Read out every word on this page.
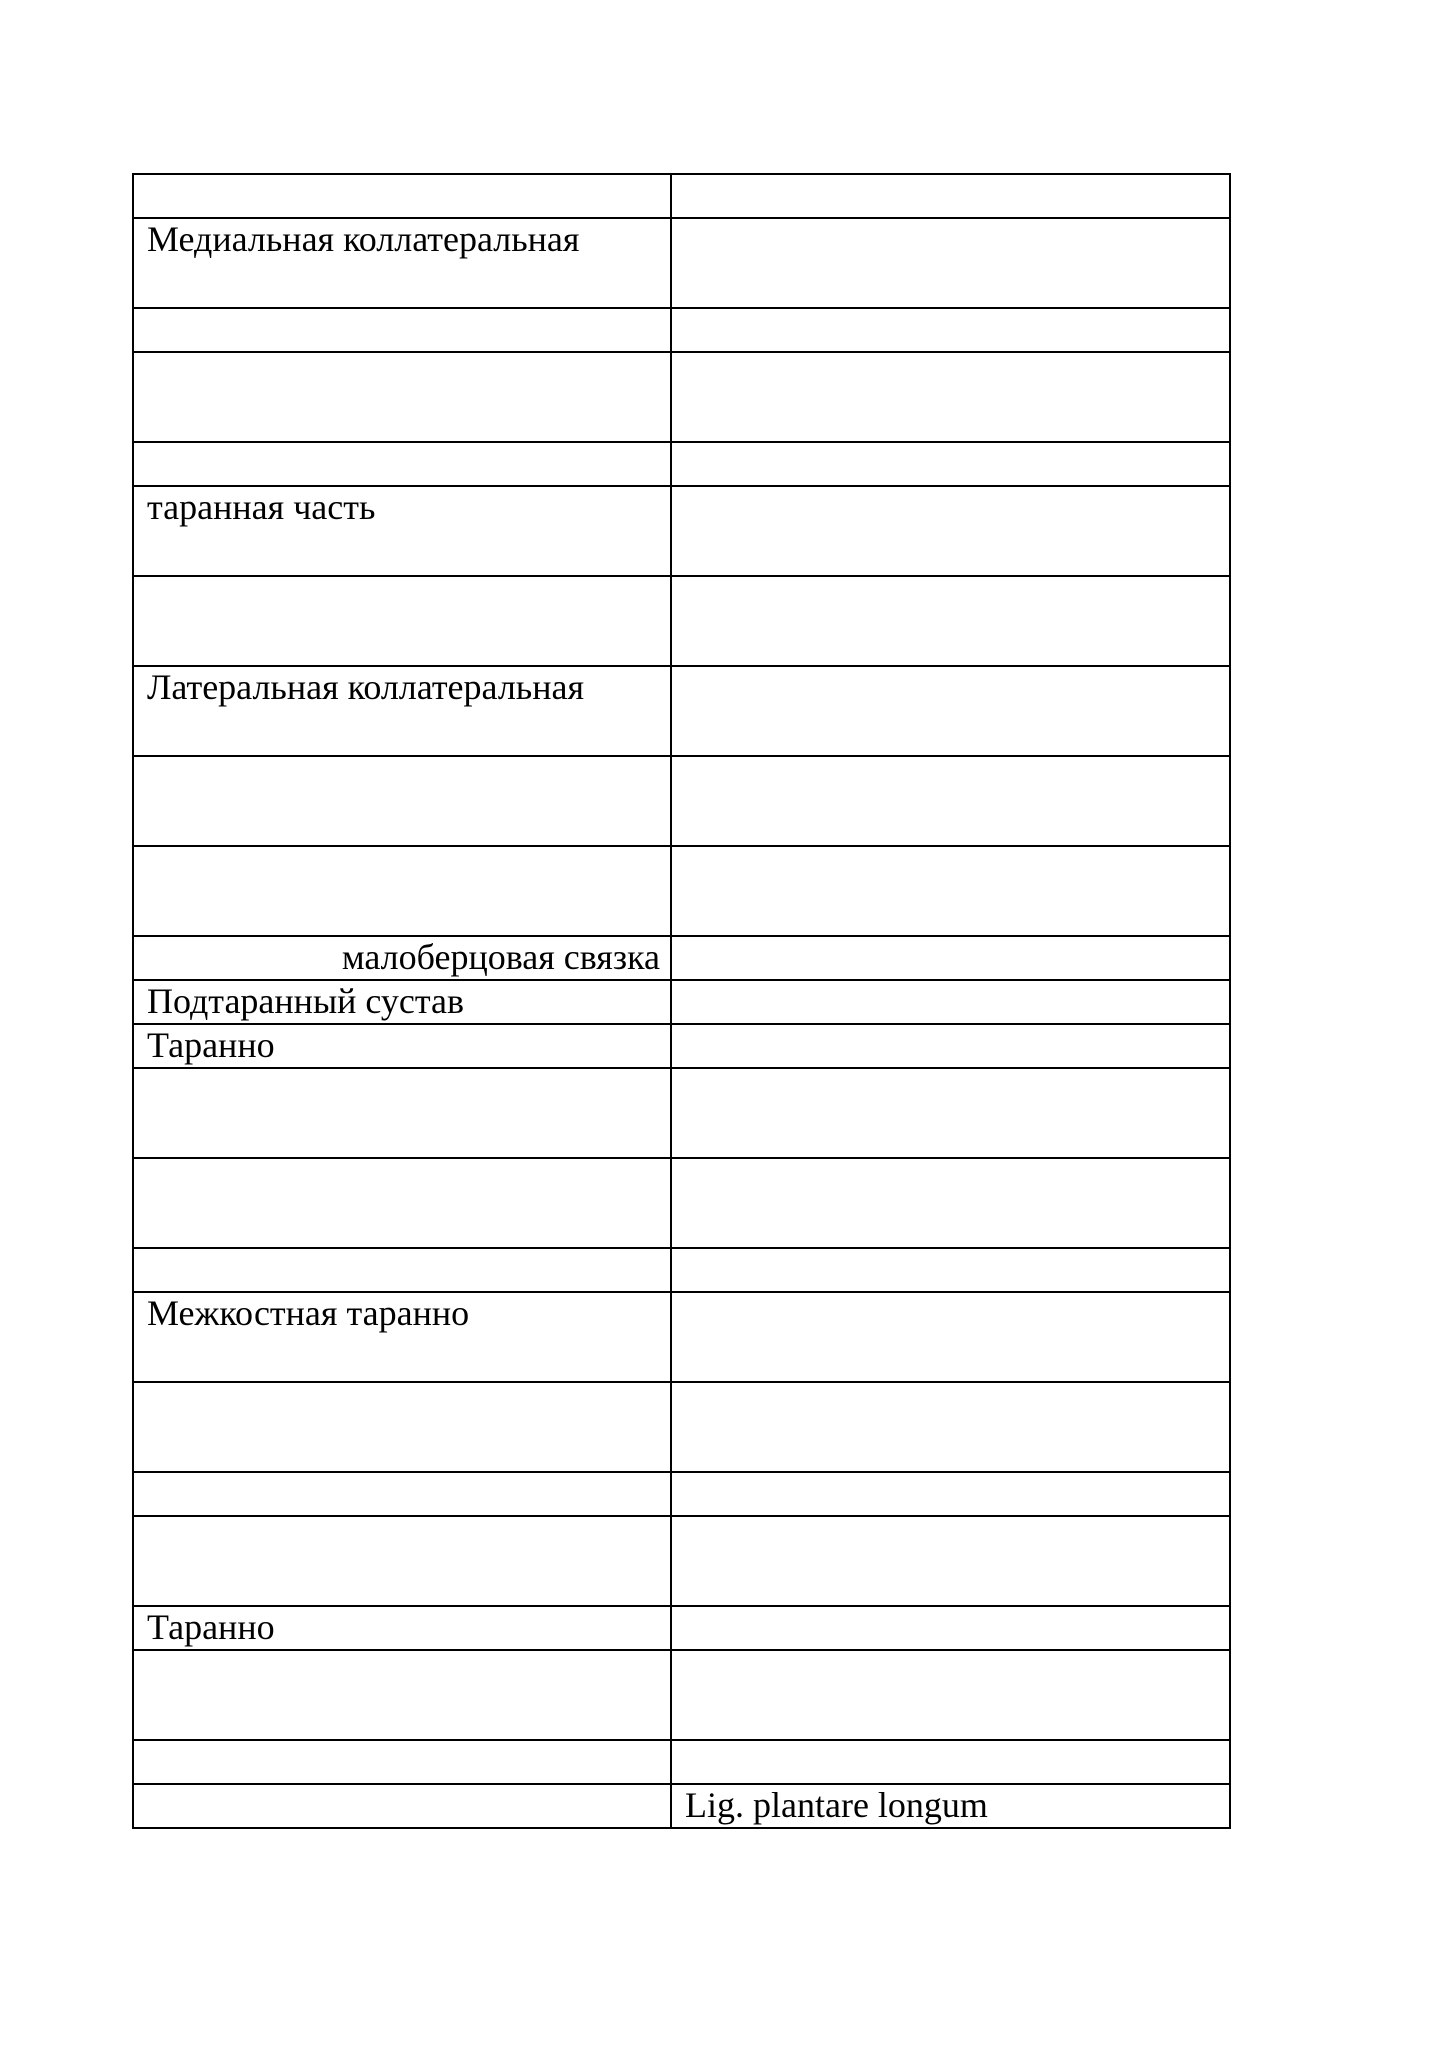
Медиальная коллатеральная	

таранная часть	

Латеральная коллатеральная	

малоберцовая связка	
Подтаранный сустав	
Таранно	

Межкостная таранно	

Таранно	

	Lig. plantare longum
